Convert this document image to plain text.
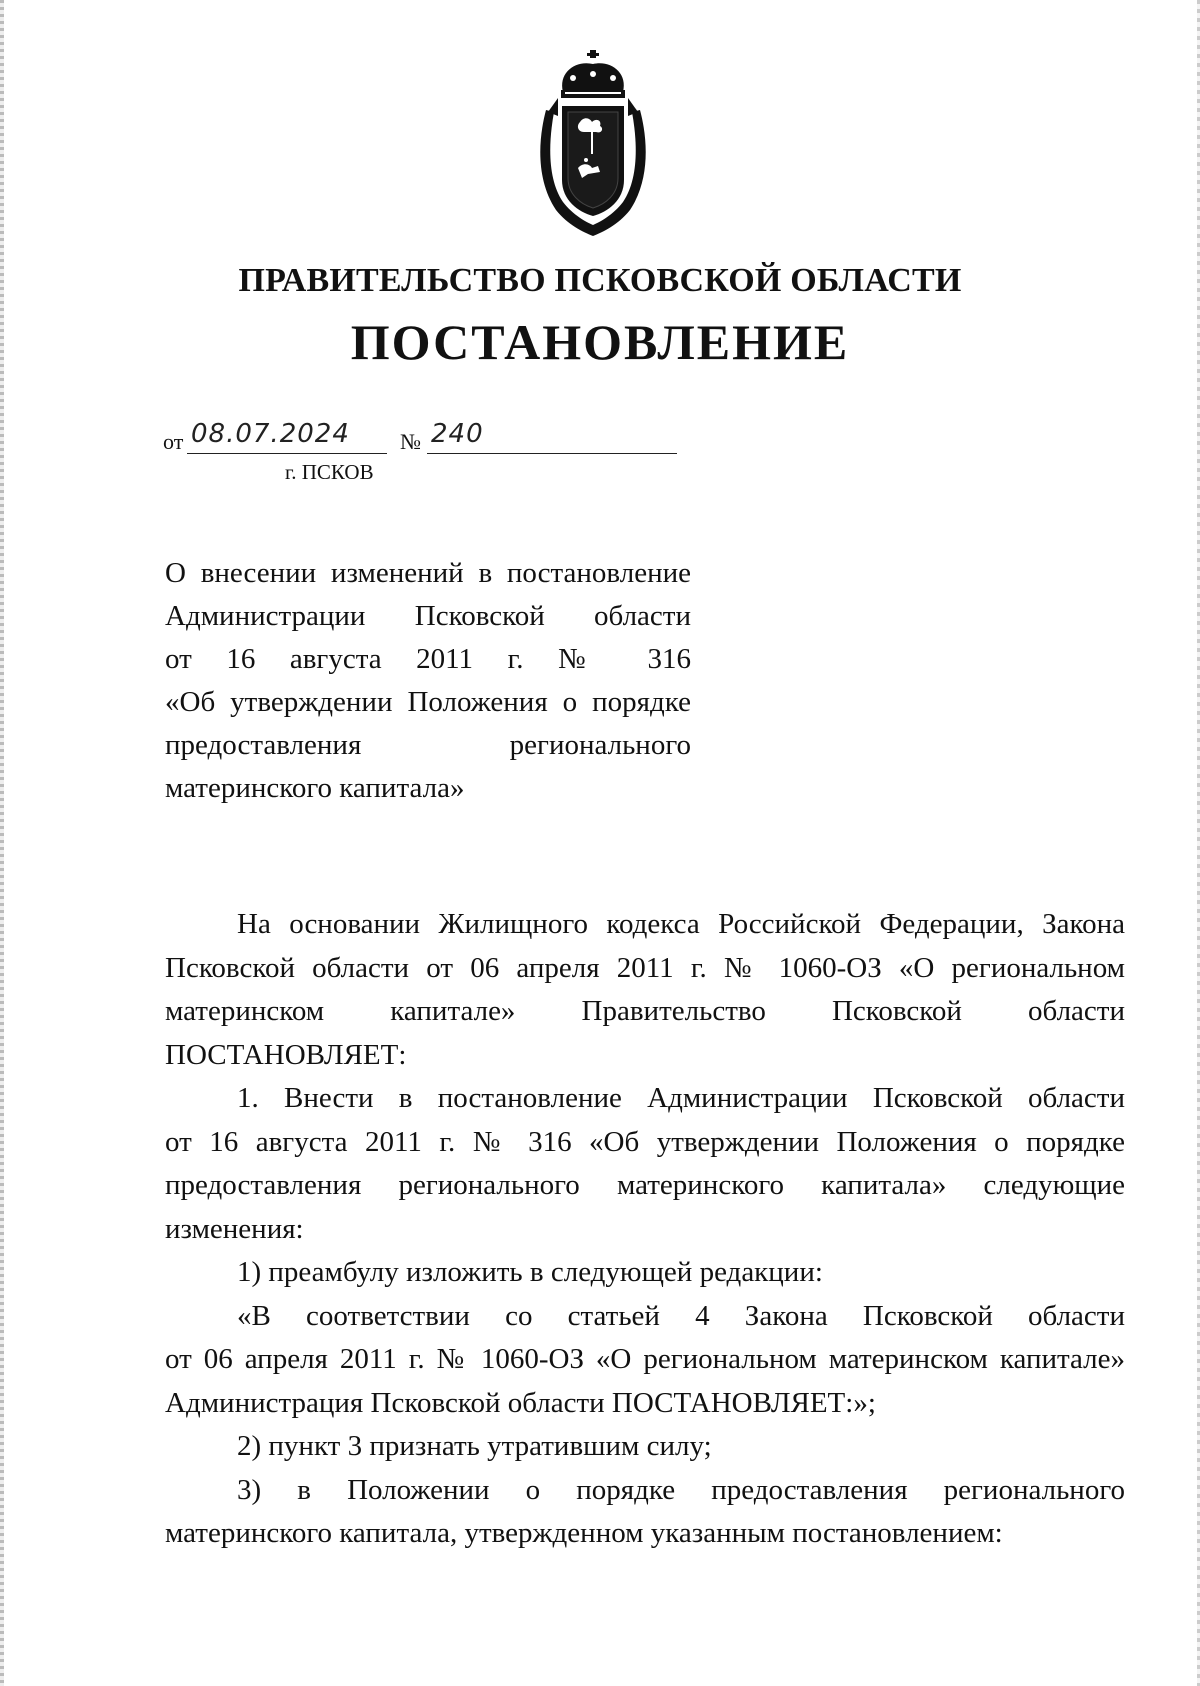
ПРАВИТЕЛЬСТВО ПСКОВСКОЙ ОБЛАСТИ
ПОСТАНОВЛЕНИЕ
от 08.07.2024 № 240
г. ПСКОВ
О внесении изменений в постановление
Администрации Псковской области
от 16 августа 2011 г. № 316
«Об утверждении Положения о порядке
предоставления регионального
материнского капитала»
На основании Жилищного кодекса Российской Федерации, Закона
Псковской области от 06 апреля 2011 г. № 1060-ОЗ «О региональном
материнском капитале» Правительство Псковской области
ПОСТАНОВЛЯЕТ:
1. Внести в постановление Администрации Псковской области
от 16 августа 2011 г. № 316 «Об утверждении Положения о порядке
предоставления регионального материнского капитала» следующие
изменения:
1) преамбулу изложить в следующей редакции:
«В соответствии со статьей 4 Закона Псковской области
от 06 апреля 2011 г. № 1060-ОЗ «О региональном материнском капитале»
Администрация Псковской области ПОСТАНОВЛЯЕТ:»;
2) пункт 3 признать утратившим силу;
3) в Положении о порядке предоставления регионального
материнского капитала, утвержденном указанным постановлением:
